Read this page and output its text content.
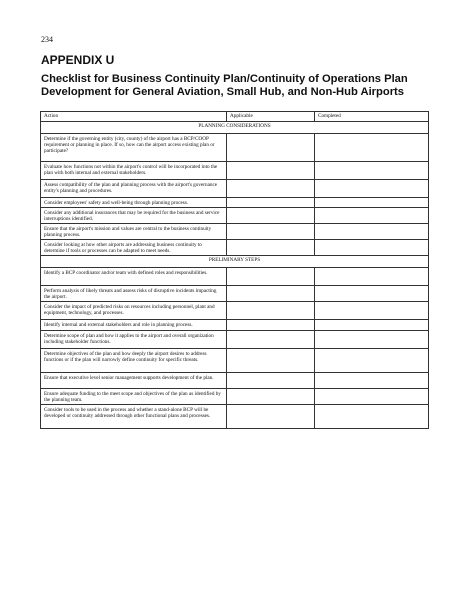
234
APPENDIX U
Checklist for Business Continuity Plan/Continuity of Operations Plan Development for General Aviation, Small Hub, and Non-Hub Airports
Action	Applicable	Completed
PLANNING CONSIDERATIONS		
Determine if the governing entity (city, county) of the airport has a BCP/COOP requirement or planning in place. If so, how can the airport access existing plan or participate?		
Evaluate how functions not within the airport's control will be incorporated into the plan with both internal and external stakeholders.		
Assess compatibility of the plan and planning process with the airport's governance entity's planning and procedures.		
Consider employees' safety and well-being through planning process.		
Consider any additional insurances that may be required for the business and service interruptions identified.		
Ensure that the airport's mission and values are central to the business continuity planning process.		
Consider looking at how other airports are addressing business continuity to determine if tools or processes can be adapted to meet needs.		
PRELIMINARY STEPS		
Identify a BCP coordinator and/or team with defined roles and responsibilities.		
Perform analysis of likely threats and assess risks of disruptive incidents impacting the airport.		
Consider the impact of predicted risks on resources including personnel, plant and equipment, technology, and processes.		
Identify internal and external stakeholders and role in planning process.		
Determine scope of plan and how it applies to the airport and overall organization including stakeholder functions.		
Determine objectives of the plan and how deeply the airport desires to address functions or if the plan will narrowly define continuity for specific threats.		
Ensure that executive level senior management supports development of the plan.		
Ensure adequate funding to the meet scope and objectives of the plan as identified by the planning team.		
Consider tools to be used in the process and whether a stand-alone BCP will be developed or continuity addressed through other functional plans and processes.		
